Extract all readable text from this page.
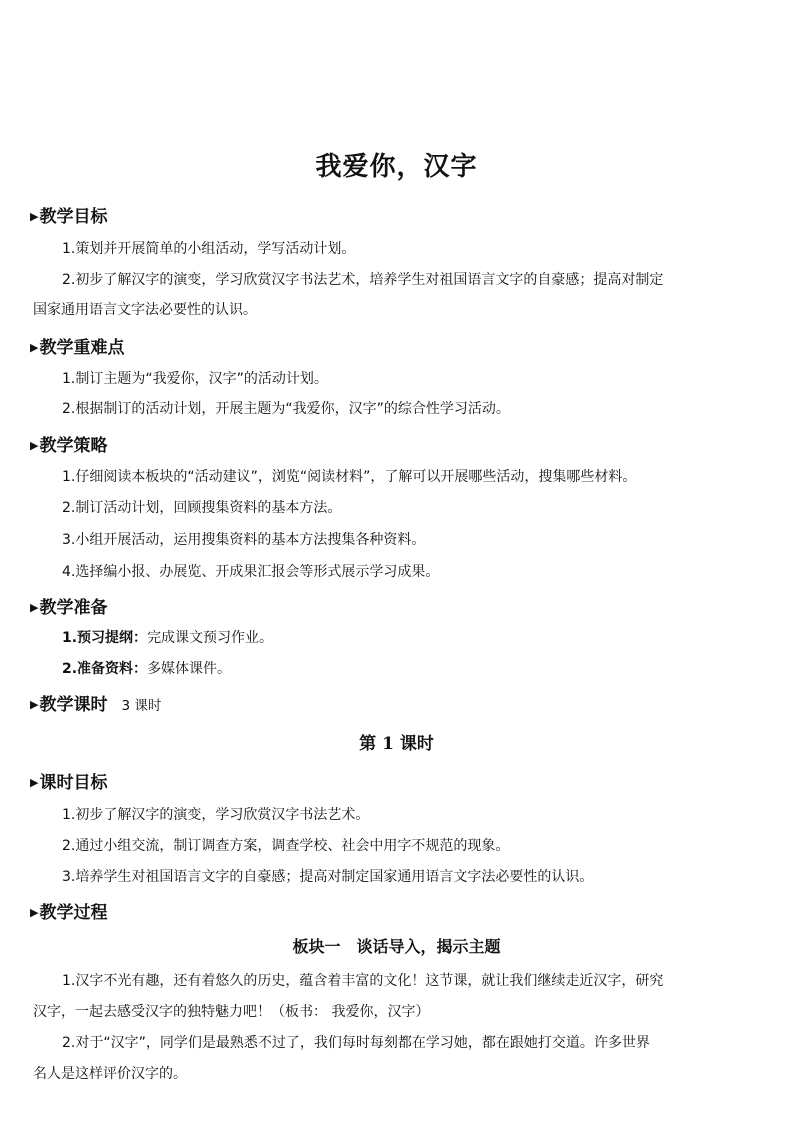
我爱你，汉字
▶教学目标
1.策划并开展简单的小组活动，学写活动计划。
2.初步了解汉字的演变，学习欣赏汉字书法艺术，培养学生对祖国语言文字的自豪感；提高对制定
国家通用语言文字法必要性的认识。
▶教学重难点
1.制订主题为“我爱你，汉字”的活动计划。
2.根据制订的活动计划，开展主题为“我爱你，汉字”的综合性学习活动。
▶教学策略
1.仔细阅读本板块的“活动建议”，浏览“阅读材料”，了解可以开展哪些活动，搜集哪些材料。
2.制订活动计划，回顾搜集资料的基本方法。
3.小组开展活动，运用搜集资料的基本方法搜集各种资料。
4.选择编小报、办展览、开成果汇报会等形式展示学习成果。
▶教学准备
1.预习提纲：完成课文预习作业。
2.准备资料：多媒体课件。
▶教学课时 3 课时
第 1 课时
▶课时目标
1.初步了解汉字的演变，学习欣赏汉字书法艺术。
2.通过小组交流，制订调查方案，调查学校、社会中用字不规范的现象。
3.培养学生对祖国语言文字的自豪感；提高对制定国家通用语言文字法必要性的认识。
▶教学过程
板块一　谈话导入，揭示主题
1.汉字不光有趣，还有着悠久的历史，蕴含着丰富的文化！这节课，就让我们继续走近汉字，研究
汉字，一起去感受汉字的独特魅力吧！（板书： 我爱你，汉字）
2.对于“汉字”，同学们是最熟悉不过了，我们每时每刻都在学习她，都在跟她打交道。许多世界
名人是这样评价汉字的。
